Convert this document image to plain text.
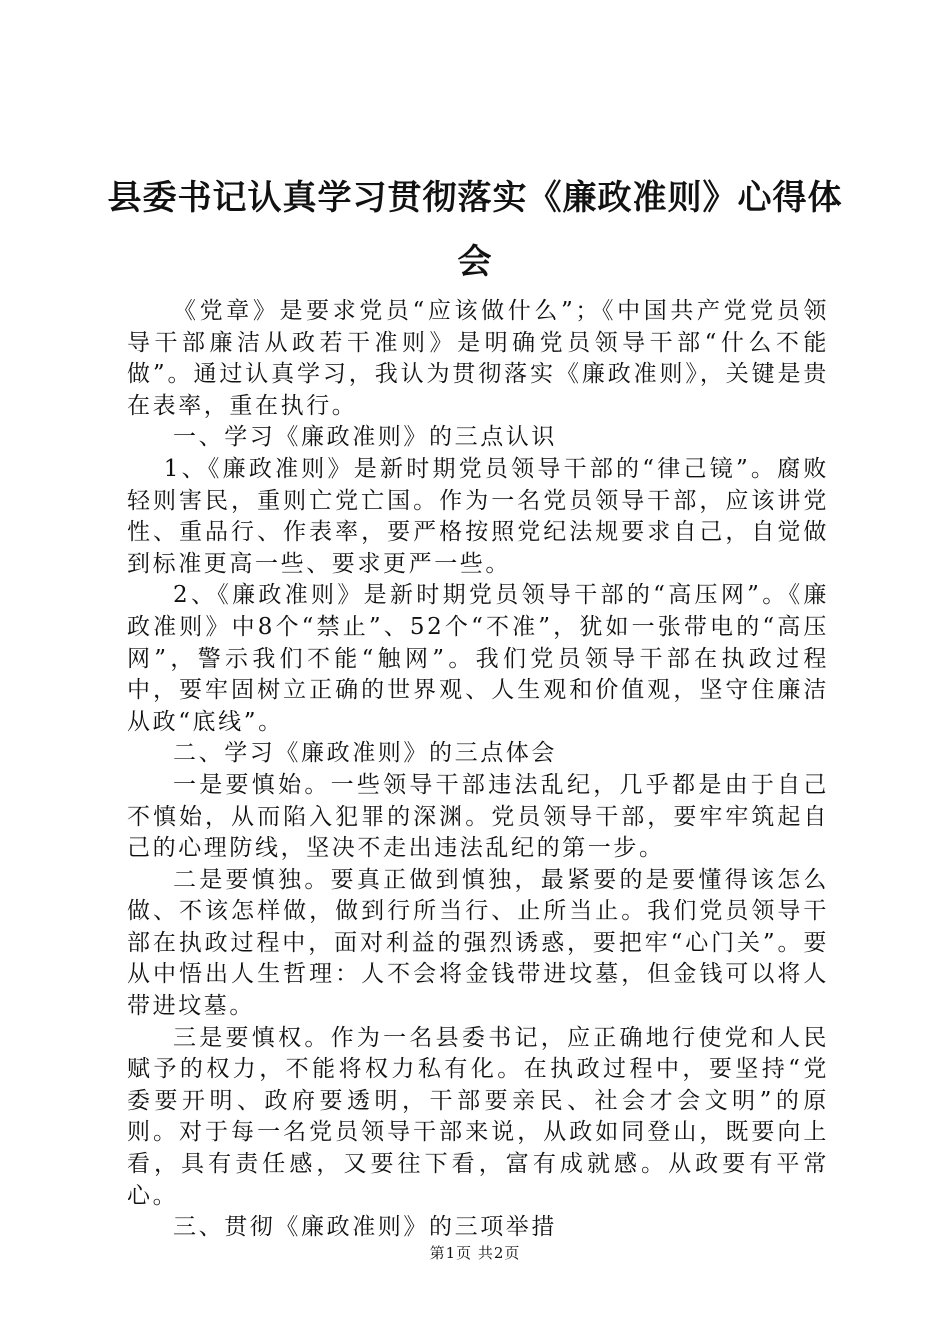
县委书记认真学习贯彻落实《廉政准则》心得体会

《党章》是要求党员“应该做什么”；《中国共产党党员领导干部廉洁从政若干准则》是明确党员领导干部“什么不能做”。通过认真学习，我认为贯彻落实《廉政准则》，关键是贵在表率，重在执行。

一、学习《廉政准则》的三点认识

1、《廉政准则》是新时期党员领导干部的“律己镜”。腐败轻则害民，重则亡党亡国。作为一名党员领导干部，应该讲党性、重品行、作表率，要严格按照党纪法规要求自己，自觉做到标准更高一些、要求更严一些。

2、《廉政准则》是新时期党员领导干部的“高压网”。《廉政准则》中8个“禁止”、52个“不准”，犹如一张带电的“高压网”，警示我们不能“触网”。我们党员领导干部在执政过程中，要牢固树立正确的世界观、人生观和价值观，坚守住廉洁从政“底线”。

二、学习《廉政准则》的三点体会

一是要慎始。一些领导干部违法乱纪，几乎都是由于自己不慎始，从而陷入犯罪的深渊。党员领导干部，要牢牢筑起自己的心理防线，坚决不走出违法乱纪的第一步。

二是要慎独。要真正做到慎独，最紧要的是要懂得该怎么做、不该怎样做，做到行所当行、止所当止。我们党员领导干部在执政过程中，面对利益的强烈诱惑，要把牢“心门关”。要从中悟出人生哲理：人不会将金钱带进坟墓，但金钱可以将人带进坟墓。

三是要慎权。作为一名县委书记，应正确地行使党和人民赋予的权力，不能将权力私有化。在执政过程中，要坚持“党委要开明、政府要透明，干部要亲民、社会才会文明”的原则。对于每一名党员领导干部来说，从政如同登山，既要向上看，具有责任感，又要往下看，富有成就感。从政要有平常心。

三、贯彻《廉政准则》的三项举措

第1页 共2页
